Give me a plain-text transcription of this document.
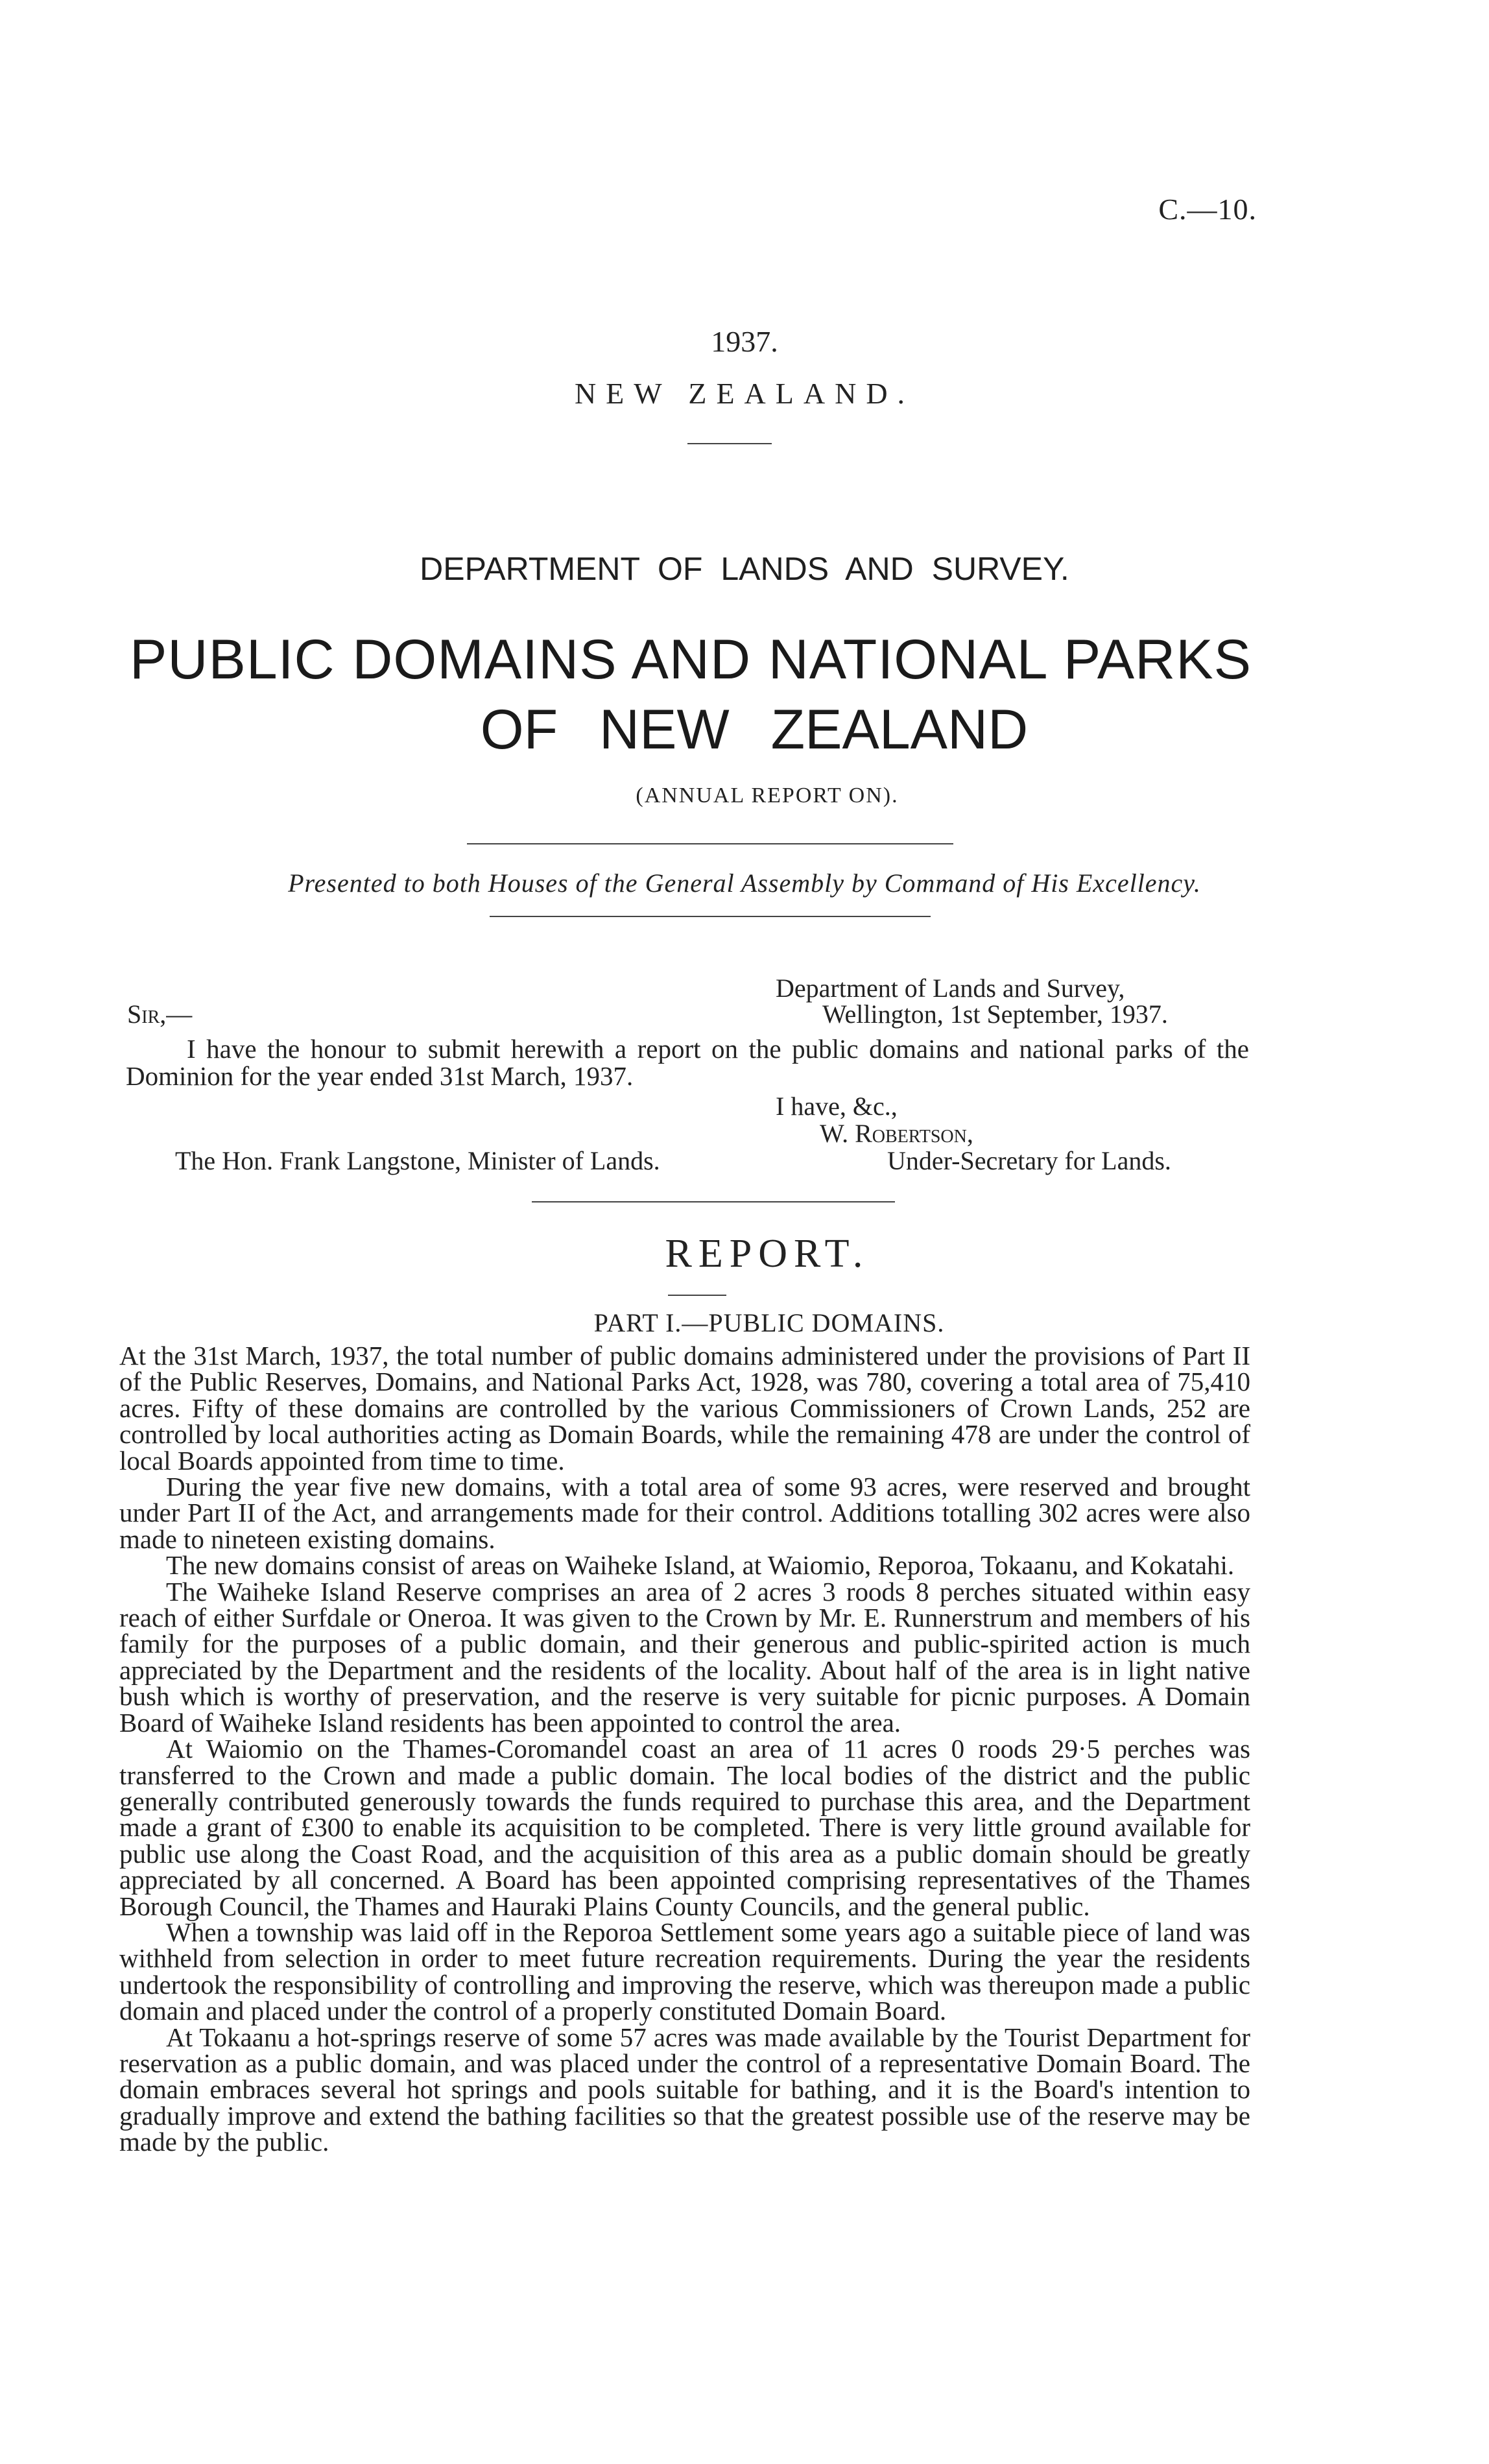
C.—10.
1937.
NEW ZEALAND.
DEPARTMENT OF LANDS AND SURVEY.
PUBLIC DOMAINS AND NATIONAL PARKS
OF NEW ZEALAND
(ANNUAL REPORT ON).
Presented to both Houses of the General Assembly by Command of His Excellency.
Department of Lands and Survey,
Sir,—	Wellington, 1st September, 1937.

I have the honour to submit herewith a report on the public domains and national parks of the Dominion for the year ended 31st March, 1937.

I have, &c.,
W. Robertson,
The Hon. Frank Langstone, Minister of Lands.	Under-Secretary for Lands.
REPORT.
PART I.—PUBLIC DOMAINS.

At the 31st March, 1937, the total number of public domains administered under the provisions of Part II of the Public Reserves, Domains, and National Parks Act, 1928, was 780, covering a total area of 75,410 acres. Fifty of these domains are controlled by the various Commissioners of Crown Lands, 252 are controlled by local authorities acting as Domain Boards, while the remaining 478 are under the control of local Boards appointed from time to time.

During the year five new domains, with a total area of some 93 acres, were reserved and brought under Part II of the Act, and arrangements made for their control. Additions totalling 302 acres were also made to nineteen existing domains.

The new domains consist of areas on Waiheke Island, at Waiomio, Reporoa, Tokaanu, and Kokatahi.

The Waiheke Island Reserve comprises an area of 2 acres 3 roods 8 perches situated within easy reach of either Surfdale or Oneroa. It was given to the Crown by Mr. E. Runnerstrum and members of his family for the purposes of a public domain, and their generous and public-spirited action is much appreciated by the Department and the residents of the locality. About half of the area is in light native bush which is worthy of preservation, and the reserve is very suitable for picnic purposes. A Domain Board of Waiheke Island residents has been appointed to control the area.

At Waiomio on the Thames-Coromandel coast an area of 11 acres 0 roods 29·5 perches was transferred to the Crown and made a public domain. The local bodies of the district and the public generally contributed generously towards the funds required to purchase this area, and the Department made a grant of £300 to enable its acquisition to be completed. There is very little ground available for public use along the Coast Road, and the acquisition of this area as a public domain should be greatly appreciated by all concerned. A Board has been appointed comprising representatives of the Thames Borough Council, the Thames and Hauraki Plains County Councils, and the general public.

When a township was laid off in the Reporoa Settlement some years ago a suitable piece of land was withheld from selection in order to meet future recreation requirements. During the year the residents undertook the responsibility of controlling and improving the reserve, which was thereupon made a public domain and placed under the control of a properly constituted Domain Board.

At Tokaanu a hot-springs reserve of some 57 acres was made available by the Tourist Department for reservation as a public domain, and was placed under the control of a representative Domain Board. The domain embraces several hot springs and pools suitable for bathing, and it is the Board's intention to gradually improve and extend the bathing facilities so that the greatest possible use of the reserve may be made by the public.
